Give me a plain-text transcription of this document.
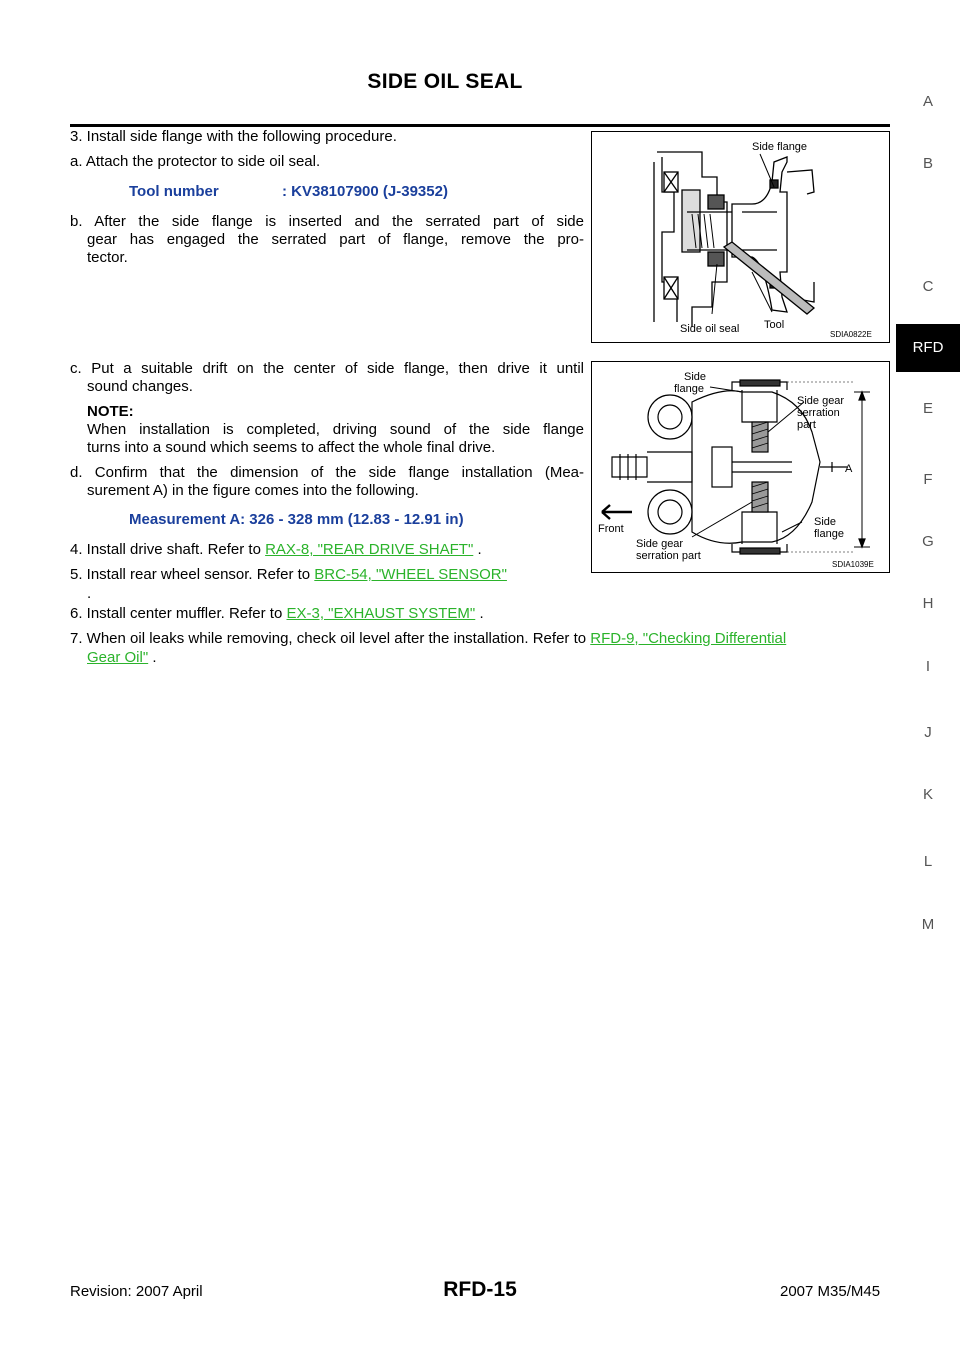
SIDE OIL SEAL
A
B
C
RFD
E
F
G
H
I
J
K
L
M
3. Install side flange with the following procedure.
a. Attach the protector to side oil seal.
Tool number	: KV38107900 (J-39352)
b. After the side flange is inserted and the serrated part of side
gear has engaged the serrated part of flange, remove the pro-
tector.
c. Put a suitable drift on the center of side flange, then drive it until
sound changes.
NOTE:
When installation is completed, driving sound of the side flange
turns into a sound which seems to affect the whole final drive.
d. Confirm that the dimension of the side flange installation (Mea-
surement A) in the figure comes into the following.
Measurement A: 326 - 328 mm (12.83 - 12.91 in)
4. Install drive shaft. Refer to RAX-8, "REAR DRIVE SHAFT" .
5. Install rear wheel sensor. Refer to BRC-54, "WHEEL SENSOR"
.
6. Install center muffler. Refer to EX-3, "EXHAUST SYSTEM" .
7. When oil leaks while removing, check oil level after the installation. Refer to RFD-9, "Checking Differential
Gear Oil" .
Side flange
Side oil seal Tool
SDIA0822E
Side
flange
Side gear
serration
part
A
Side
flange
Side gear
serration part
Front
SDIA1039E
Revision: 2007 April	RFD-15	2007 M35/M45
